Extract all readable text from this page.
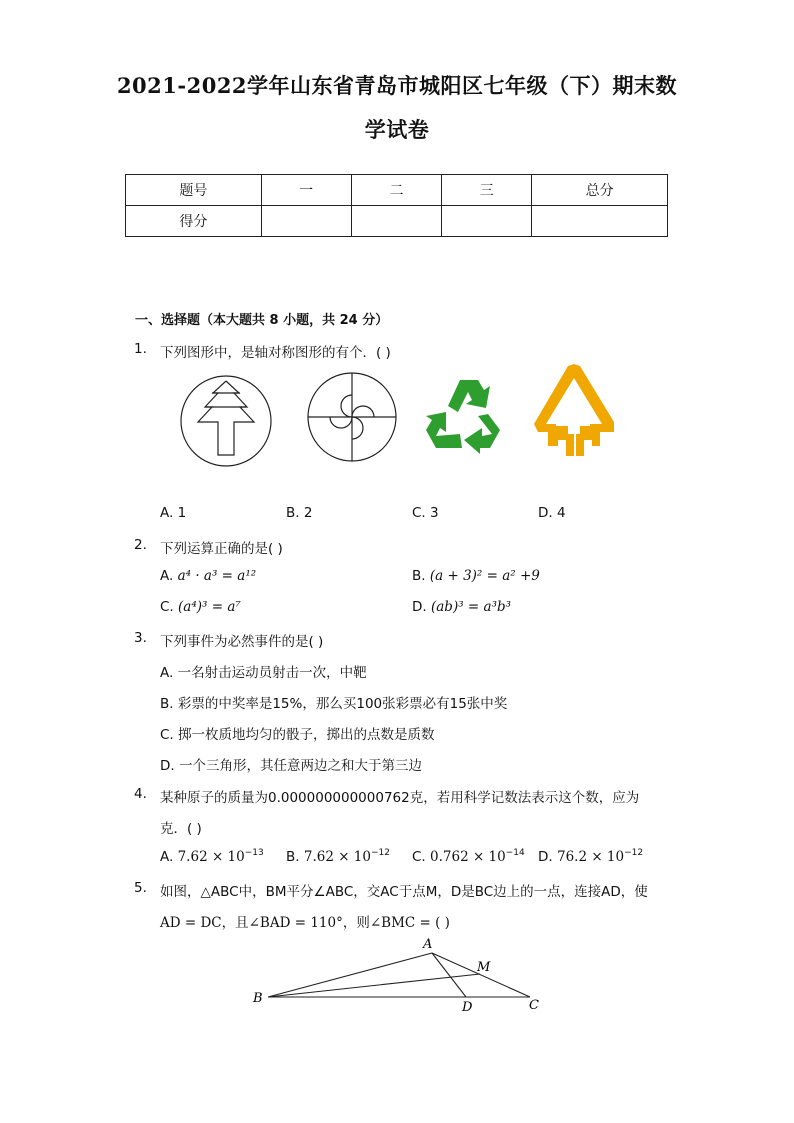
2021-2022学年山东省青岛市城阳区七年级（下）期末数
学试卷
题号	一	二	三	总分
得分				
一、选择题（本大题共 8 小题，共 24 分）
1. 下列图形中，是轴对称图形的有个．( )
A. 1	B. 2	C. 3	D. 4
2. 下列运算正确的是( )
A. a⁴ · a³ = a¹²	B. (a + 3)² = a² +9
C. (a⁴)³ = a⁷	D. (ab)³ = a³b³
3. 下列事件为必然事件的是( )
A. 一名射击运动员射击一次，中靶
B. 彩票的中奖率是15%，那么买100张彩票必有15张中奖
C. 掷一枚质地均匀的骰子，掷出的点数是质数
D. 一个三角形，其任意两边之和大于第三边
4. 某种原子的质量为0.000000000000762克，若用科学记数法表示这个数，应为
克．( )
A. $7.62 \times 10^{-13}$ B. $7.62 \times 10^{-12}$ C. $0.762 \times 10^{-14}$ D. $76.2 \times 10^{-12}$
5. 如图，△ABC中，BM平分∠ABC，交AC于点M，D是BC边上的一点，连接AD，使
AD = DC，且∠BAD = 110°，则∠BMC = ( )
A
B	C
D
M
